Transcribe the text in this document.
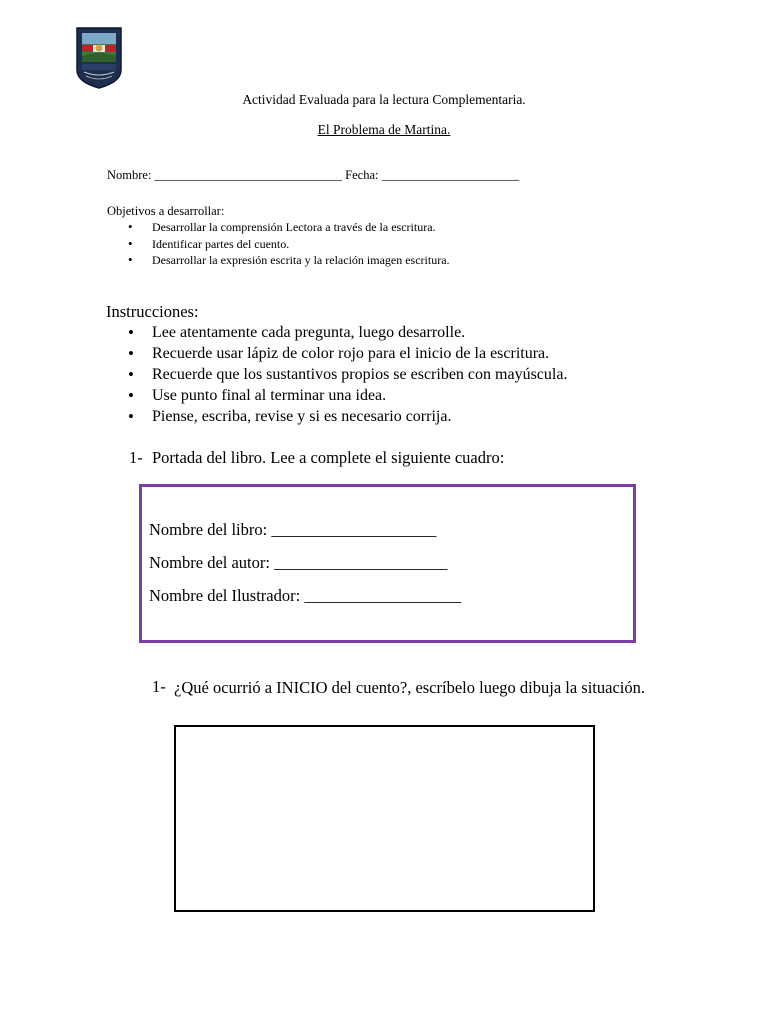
Actividad Evaluada para la lectura Complementaria.
El Problema de Martina.
Nombre: ______________________________ Fecha: ______________________
Objetivos a desarrollar:
• Desarrollar la comprensión Lectora a través de la escritura.
• Identificar partes del cuento.
• Desarrollar la expresión escrita y la relación imagen escritura.
Instrucciones:
• Lee atentamente cada pregunta, luego desarrolle.
• Recuerde usar lápiz de color rojo para el inicio de la escritura.
• Recuerde que los sustantivos propios se escriben con mayúscula.
• Use punto final al terminar una idea.
• Piense, escriba, revise y si es necesario corrija.
1- Portada del libro. Lee a complete el siguiente cuadro:
Nombre del libro: ____________________
Nombre del autor: _____________________
Nombre del Ilustrador: ___________________
1- ¿Qué ocurrió a INICIO del cuento?, escríbelo luego dibuja la situación.
